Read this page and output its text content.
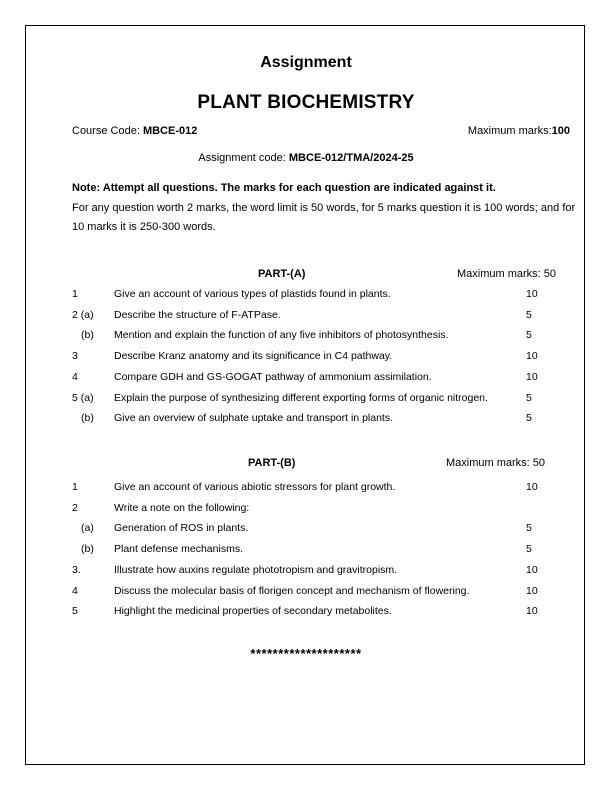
Assignment
PLANT BIOCHEMISTRY
Course Code: MBCE-012	Maximum marks:100
Assignment code: MBCE-012/TMA/2024-25
Note: Attempt all questions. The marks for each question are indicated against it.
For any question worth 2 marks, the word limit is 50 words, for 5 marks question it is 100 words; and for
10 marks it is 250-300 words.
PART-(A)	Maximum marks: 50
1	Give an account of various types of plastids found in plants.	10
2 (a) Describe the structure of F-ATPase.	5
(b) Mention and explain the function of any five inhibitors of photosynthesis.	5
3	Describe Kranz anatomy and its significance in C4 pathway.	10
4	Compare GDH and GS-GOGAT pathway of ammonium assimilation.	10
5 (a) Explain the purpose of synthesizing different exporting forms of organic nitrogen.	5
(b) Give an overview of sulphate uptake and transport in plants.	5
PART-(B)	Maximum marks: 50
1	Give an account of various abiotic stressors for plant growth.	10
2	Write a note on the following:
(a) Generation of ROS in plants.	5
(b) Plant defense mechanisms.	5
3.	Illustrate how auxins regulate phototropism and gravitropism.	10
4	Discuss the molecular basis of florigen concept and mechanism of flowering.	10
5	Highlight the medicinal properties of secondary metabolites.	10
********************
